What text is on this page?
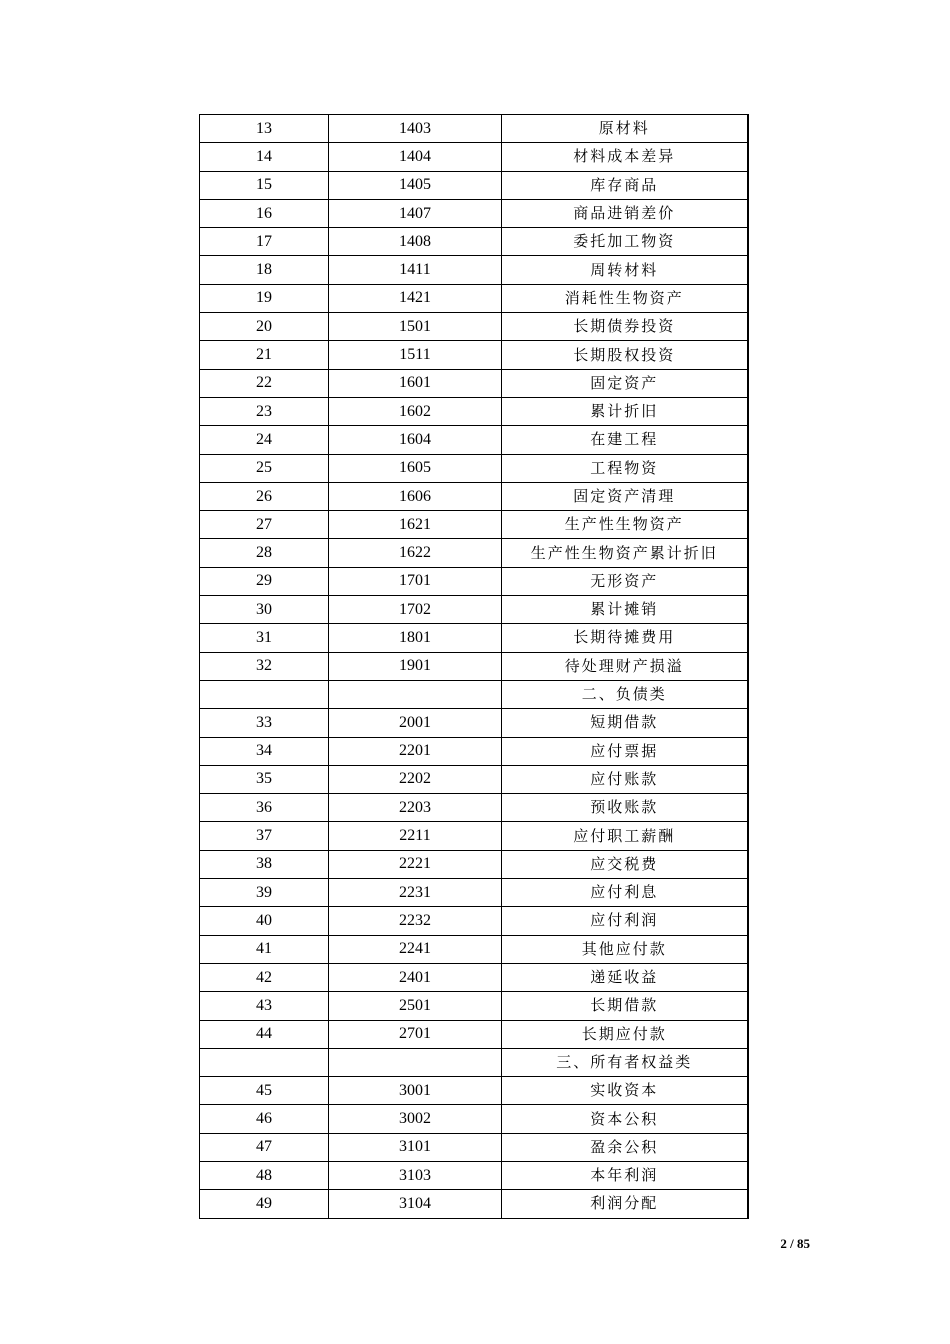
13	1403	原材料
14	1404	材料成本差异
15	1405	库存商品
16	1407	商品进销差价
17	1408	委托加工物资
18	1411	周转材料
19	1421	消耗性生物资产
20	1501	长期债券投资
21	1511	长期股权投资
22	1601	固定资产
23	1602	累计折旧
24	1604	在建工程
25	1605	工程物资
26	1606	固定资产清理
27	1621	生产性生物资产
28	1622	生产性生物资产累计折旧
29	1701	无形资产
30	1702	累计摊销
31	1801	长期待摊费用
32	1901	待处理财产损溢
		二、负债类
33	2001	短期借款
34	2201	应付票据
35	2202	应付账款
36	2203	预收账款
37	2211	应付职工薪酬
38	2221	应交税费
39	2231	应付利息
40	2232	应付利润
41	2241	其他应付款
42	2401	递延收益
43	2501	长期借款
44	2701	长期应付款
		三、所有者权益类
45	3001	实收资本
46	3002	资本公积
47	3101	盈余公积
48	3103	本年利润
49	3104	利润分配
2 / 85
